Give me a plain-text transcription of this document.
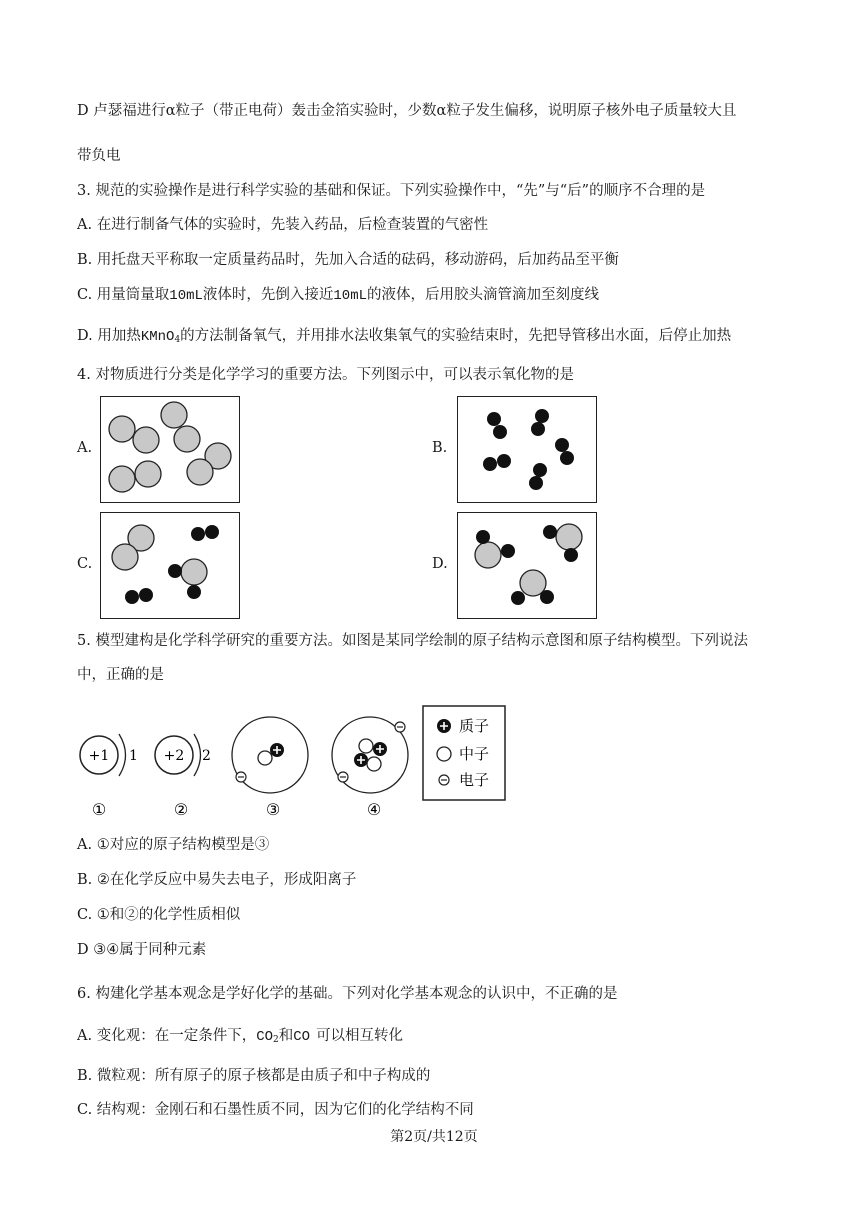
D 卢瑟福进行α粒子（带正电荷）轰击金箔实验时，少数α粒子发生偏移，说明原子核外电子质量较大且
带负电
3. 规范的实验操作是进行科学实验的基础和保证。下列实验操作中，“先”与“后”的顺序不合理的是
A. 在进行制备气体的实验时，先装入药品，后检查装置的气密性
B. 用托盘天平称取一定质量药品时，先加入合适的砝码，移动游码，后加药品至平衡
C. 用量筒量取10mL液体时，先倒入接近10mL的液体，后用胶头滴管滴加至刻度线
D. 用加热KMnO$_4$的方法制备氧气，并用排水法收集氧气的实验结束时，先把导管移出水面，后停止加热
4. 对物质进行分类是化学学习的重要方法。下列图示中，可以表示氧化物的是
A.	B.
C.	D.
5. 模型建构是化学科学研究的重要方法。如图是某同学绘制的原子结构示意图和原子结构模型。下列说法
中，正确的是
+1 1
①
+2 2
②	③	④
质子
中子
电子
A. ①对应的原子结构模型是③
B. ②在化学反应中易失去电子，形成阳离子
C. ①和②的化学性质相似
D ③④属于同种元素
6. 构建化学基本观念是学好化学的基础。下列对化学基本观念的认识中，不正确的是
A. 变化观：在一定条件下，$CO_2$和CO 可以相互转化
B. 微粒观：所有原子的原子核都是由质子和中子构成的
C. 结构观：金刚石和石墨性质不同，因为它们的化学结构不同
第2页/共12页
